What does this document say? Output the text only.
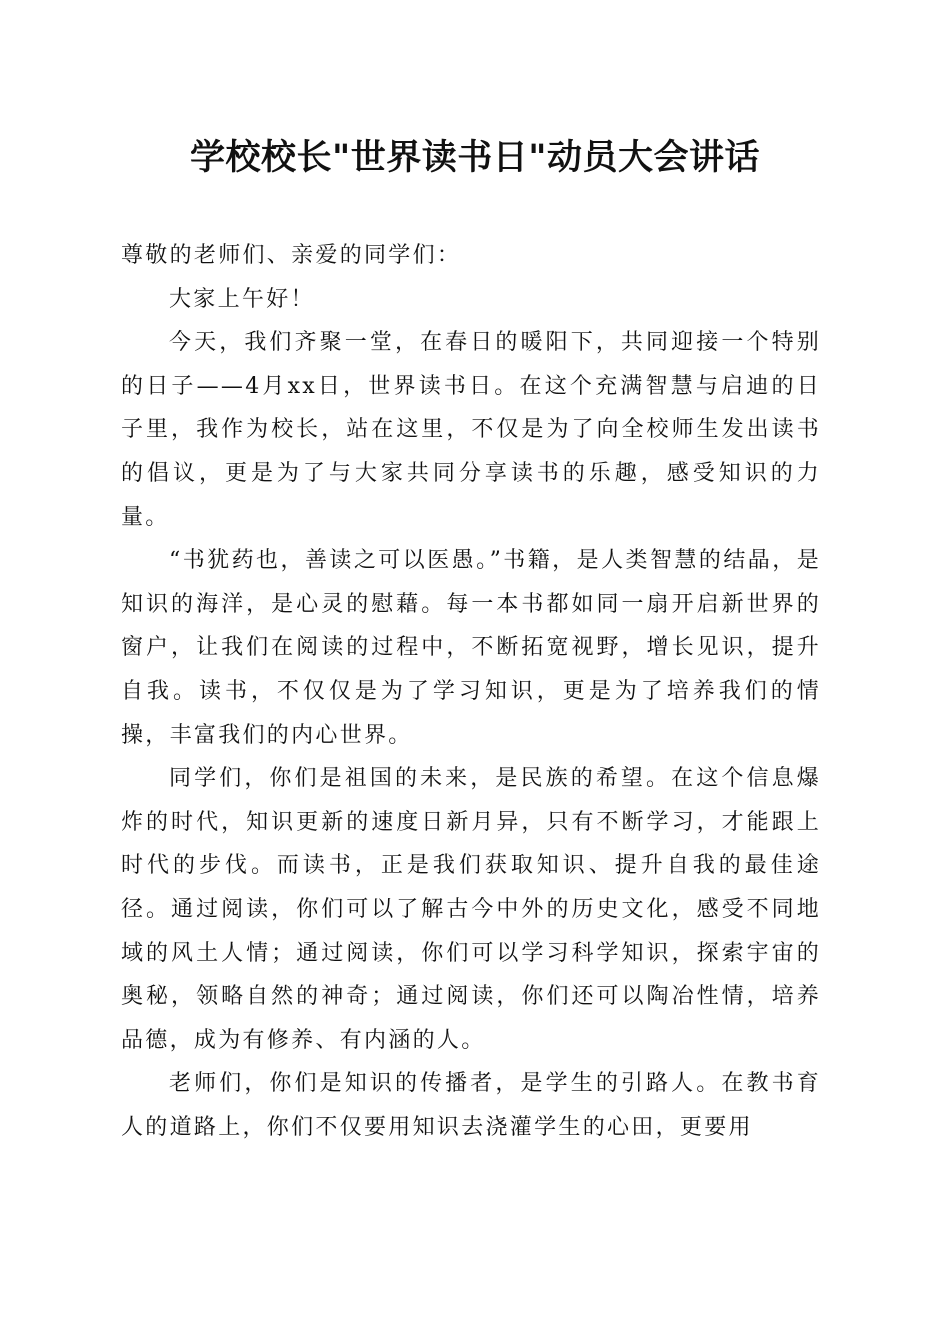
学校校长"世界读书日"动员大会讲话

尊敬的老师们、亲爱的同学们：

大家上午好！

今天，我们齐聚一堂，在春日的暖阳下，共同迎接一个特别的日子——4月xx日，世界读书日。在这个充满智慧与启迪的日子里，我作为校长，站在这里，不仅是为了向全校师生发出读书的倡议，更是为了与大家共同分享读书的乐趣，感受知识的力量。

“书犹药也，善读之可以医愚。”书籍，是人类智慧的结晶，是知识的海洋，是心灵的慰藉。每一本书都如同一扇开启新世界的窗户，让我们在阅读的过程中，不断拓宽视野，增长见识，提升自我。读书，不仅仅是为了学习知识，更是为了培养我们的情操，丰富我们的内心世界。

同学们，你们是祖国的未来，是民族的希望。在这个信息爆炸的时代，知识更新的速度日新月异，只有不断学习，才能跟上时代的步伐。而读书，正是我们获取知识、提升自我的最佳途径。通过阅读，你们可以了解古今中外的历史文化，感受不同地域的风土人情；通过阅读，你们可以学习科学知识，探索宇宙的奥秘，领略自然的神奇；通过阅读，你们还可以陶冶性情，培养品德，成为有修养、有内涵的人。

老师们，你们是知识的传播者，是学生的引路人。在教书育人的道路上，你们不仅要用知识去浇灌学生的心田，更要用
